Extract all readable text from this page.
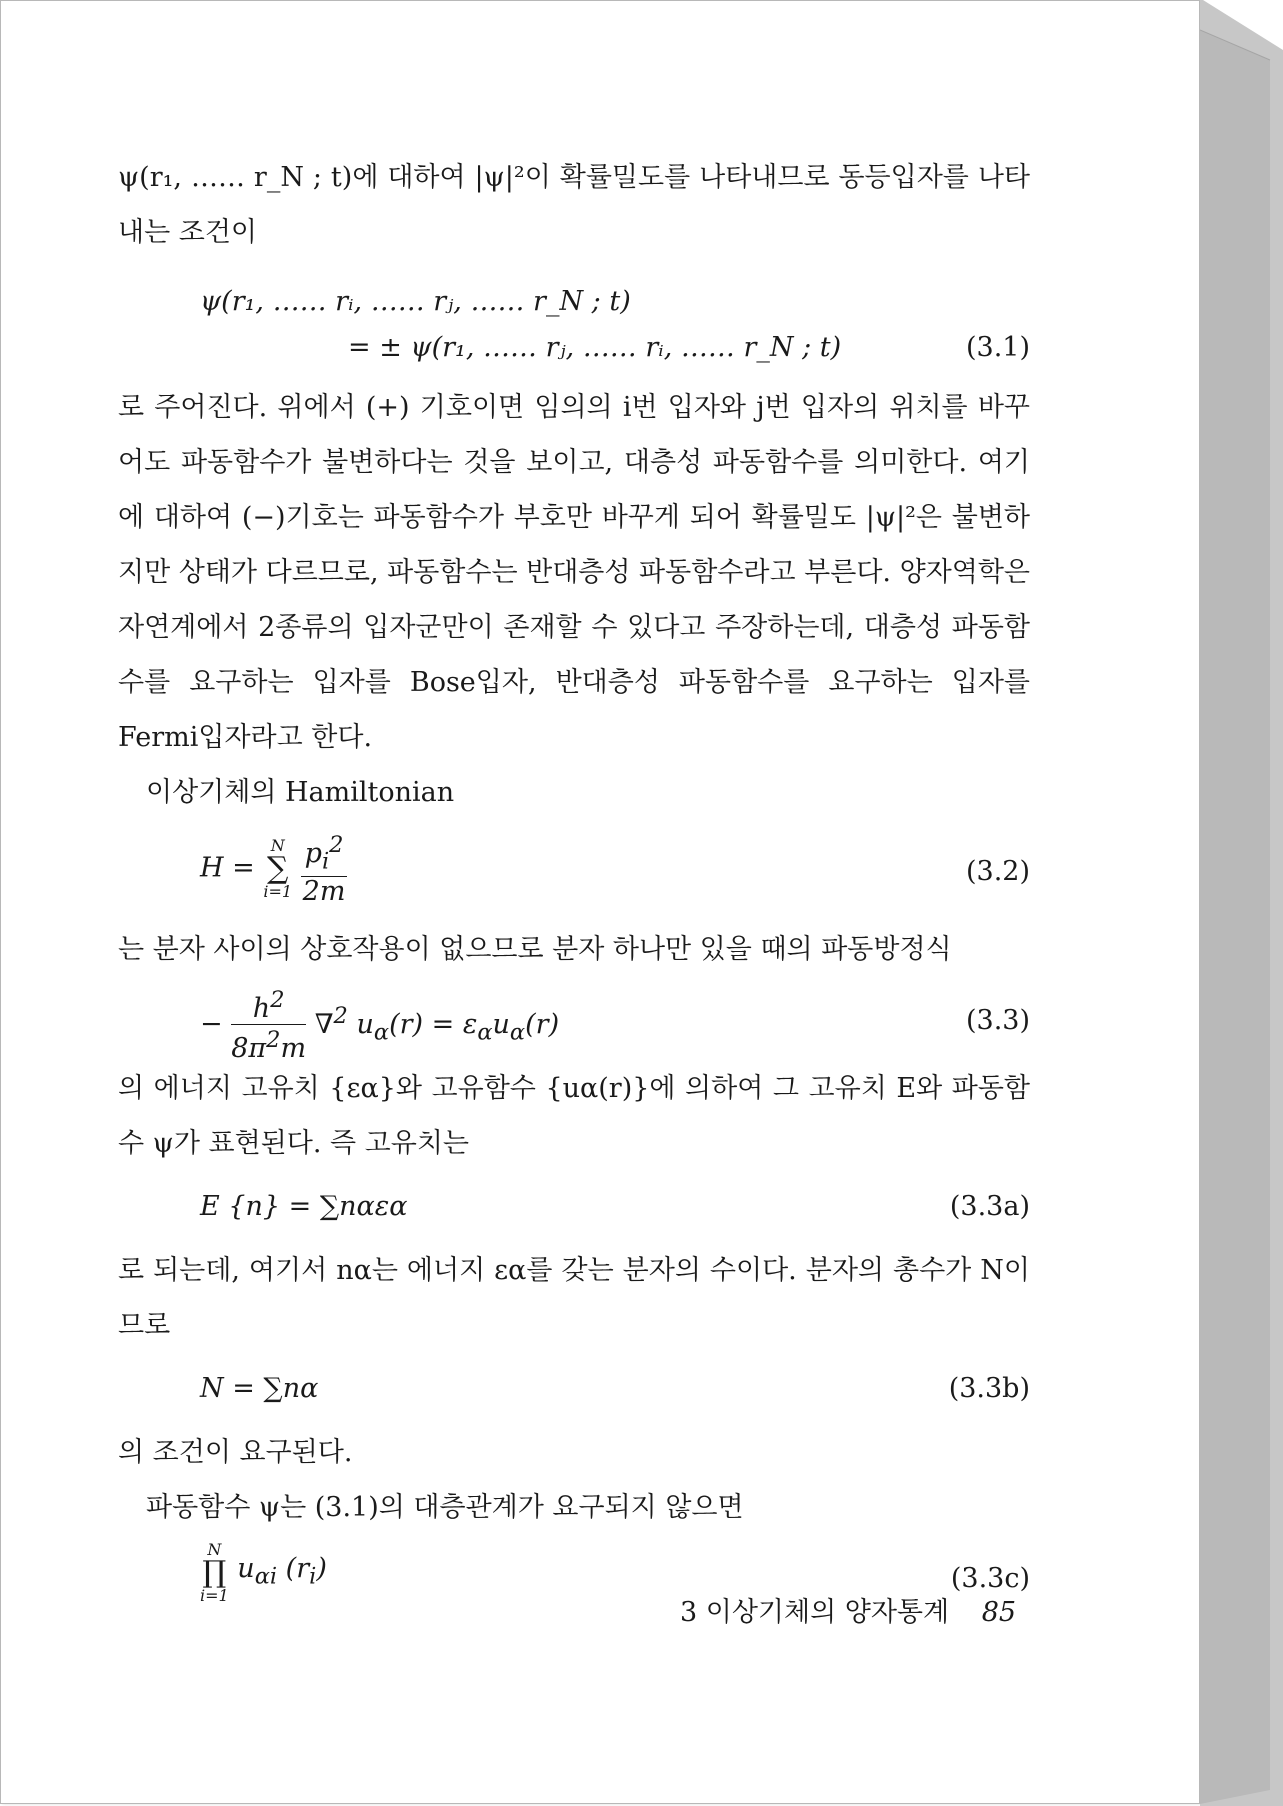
ψ(r₁, …… r_N ; t)에 대하여 |ψ|²이 확률밀도를 나타내므로 동등입자를 나타내는 조건이

ψ(r₁, …… rᵢ, …… rⱼ, …… r_N ; t)
= ± ψ(r₁, …… rⱼ, …… rᵢ, …… r_N ; t)	(3.1)

로 주어진다. 위에서 (+) 기호이면 임의의 i번 입자와 j번 입자의 위치를 바꾸어도 파동함수가 불변하다는 것을 보이고, 대층성 파동함수를 의미한다. 여기에 대하여 (−)기호는 파동함수가 부호만 바꾸게 되어 확률밀도 |ψ|²은 불변하지만 상태가 다르므로, 파동함수는 반대층성 파동함수라고 부른다. 양자역학은 자연계에서 2종류의 입자군만이 존재할 수 있다고 주장하는데, 대층성 파동함수를 요구하는 입자를 Bose입자, 반대층성 파동함수를 요구하는 입자를 Fermi입자라고 한다.

이상기체의 Hamiltonian

H = N
∑
$i=1 \frac{p_i^2}{2m}$	(3.2)

는 분자 사이의 상호작용이 없으므로 분자 하나만 있을 때의 파동방정식

− $\frac{h^2}{8\pi^2m} \nabla^2$ $u_\alpha(r) = \varepsilon_\alpha u_\alpha(r)$	(3.3)

의 에너지 고유치 {εα}와 고유함수 {uα(r)}에 의하여 그 고유치 E와 파동함수 ψ가 표현된다. 즉 고유치는

E {n} = ∑nαεα	(3.3a)

로 되는데, 여기서 nα는 에너지 εα를 갖는 분자의 수이다. 분자의 총수가 N이므로

N = ∑nα	(3.3b)

의 조건이 요구된다.

파동함수 ψ는 (3.1)의 대층관계가 요구되지 않으면

N
∏
i=1 $u_{\alpha i}$ $(r_i)$	(3.3c)
3 이상기체의 양자통계 85
